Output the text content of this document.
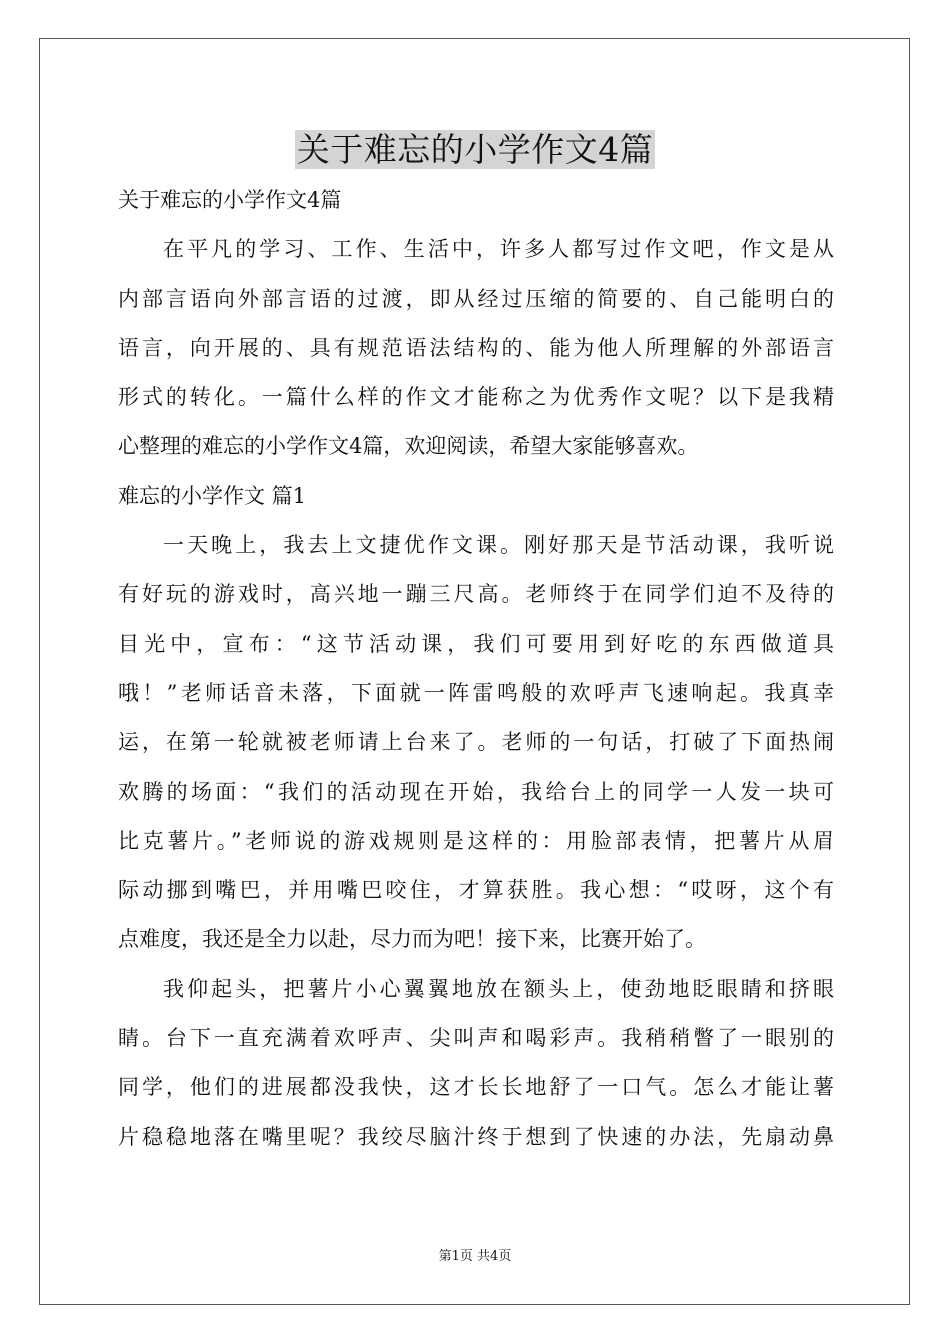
关于难忘的小学作文4篇
关于难忘的小学作文4篇
在平凡的学习、工作、生活中，许多人都写过作文吧，作文是从
内部言语向外部言语的过渡，即从经过压缩的简要的、自己能明白的
语言，向开展的、具有规范语法结构的、能为他人所理解的外部语言
形式的转化。一篇什么样的作文才能称之为优秀作文呢？以下是我精
心整理的难忘的小学作文4篇，欢迎阅读，希望大家能够喜欢。
难忘的小学作文 篇1
一天晚上，我去上文捷优作文课。刚好那天是节活动课，我听说
有好玩的游戏时，高兴地一蹦三尺高。老师终于在同学们迫不及待的
目光中，宣布：“这节活动课，我们可要用到好吃的东西做道具
哦！”老师话音未落，下面就一阵雷鸣般的欢呼声飞速响起。我真幸
运，在第一轮就被老师请上台来了。老师的一句话，打破了下面热闹
欢腾的场面：“我们的活动现在开始，我给台上的同学一人发一块可
比克薯片。”老师说的游戏规则是这样的：用脸部表情，把薯片从眉
际动挪到嘴巴，并用嘴巴咬住，才算获胜。我心想：“哎呀，这个有
点难度，我还是全力以赴，尽力而为吧！接下来，比赛开始了。
我仰起头，把薯片小心翼翼地放在额头上，使劲地眨眼睛和挤眼
睛。台下一直充满着欢呼声、尖叫声和喝彩声。我稍稍瞥了一眼别的
同学，他们的进展都没我快，这才长长地舒了一口气。怎么才能让薯
片稳稳地落在嘴里呢？我绞尽脑汁终于想到了快速的办法，先扇动鼻
第1页 共4页
